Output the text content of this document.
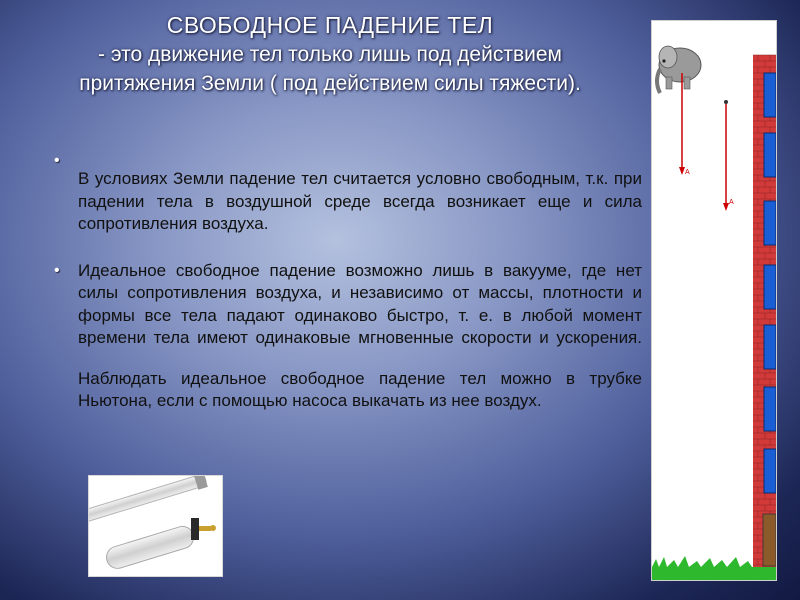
СВОБОДНОЕ ПАДЕНИЕ ТЕЛ
- это движение тел только лишь под действием притяжения Земли ( под действием силы тяжести).
•
В условиях Земли падение тел считается условно свободным, т.к. при падении тела в воздушной среде всегда возникает еще и сила сопротивления воздуха.
• Идеальное свободное падение возможно лишь в вакууме, где нет силы сопротивления воздуха, и независимо от массы, плотности и формы все тела падают одинаково быстро, т. е. в любой момент времени тела имеют одинаковые мгновенные скорости и ускорения.
Наблюдать идеальное свободное падение тел можно в трубке Ньютона, если с помощью насоса выкачать из нее воздух.
A
A
